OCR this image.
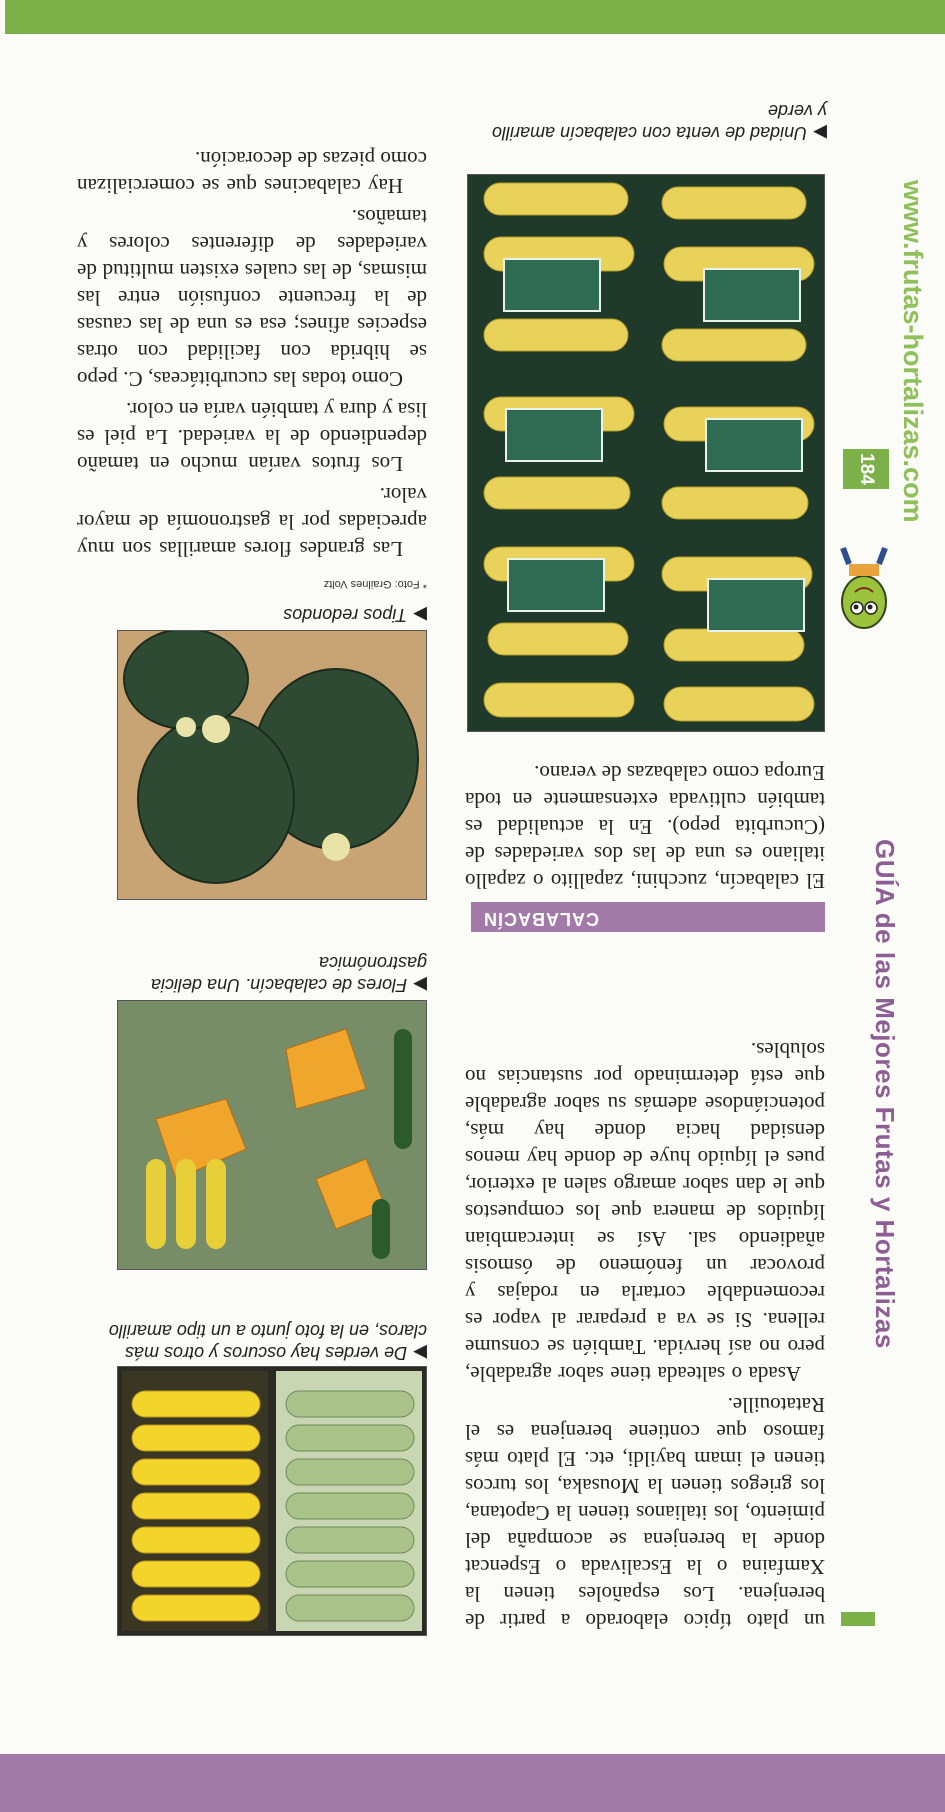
GUÍA de las Mejores Frutas y Hortalizas
184 www.frutas-hortalizas.com

un plato típico elaborado a partir de berenjena. Los españoles tienen la Xamfaina o la Escalivada o Espencat donde la berenjena se acompaña del pimiento, los italianos tienen la Capotana, los griegos tienen la Mousaka, los turcos tienen el imam bayildi, etc. El plato más famoso que contiene berenjena es el Ratatouille.

Asada o salteada tiene sabor agradable, pero no así hervida. También se consume rellena. Si se va a preparar al vapor es recomendable cortarla en rodajas y provocar un fenómeno de ósmosis añadiendo sal. Así se intercambian líquidos de manera que los compuestos que le dan sabor amargo salen al exterior, pues el líquido huye de donde hay menos densidad hacia donde hay más, potenciándose además su sabor agradable que está determinado por sustancias no solubles.

CALABACÍN

El calabacín, zucchini, zapallito o zapallo italiano es una de las dos variedades de (Cucurbita pepo). En la actualidad es también cultivada extensamente en toda Europa como calabazas de verano.

▶Unidad de venta con calabacín amarillo y verde
▶De verdes hay oscuros y otros más claros, en la foto junto a un tipo amarillo
▶Flores de calabacín. Una delicia gastronómica
▶Tipos redondos
* Foto: Grailnes Voltz

Las grandes flores amarillas son muy apreciadas por la gastronomía de mayor valor.

Los frutos varían mucho en tamaño dependiendo de la variedad. La piel es lisa y dura y también varía en color.

Como todas las cucurbitáceas, C. pepo se hibrida con facilidad con otras especies afines; esa es una de las causas de la frecuente confusión entre las mismas, de las cuales existen multitud de variedades de diferentes colores y tamaños.

Hay calabacines que se comercializan como piezas de decoración.
